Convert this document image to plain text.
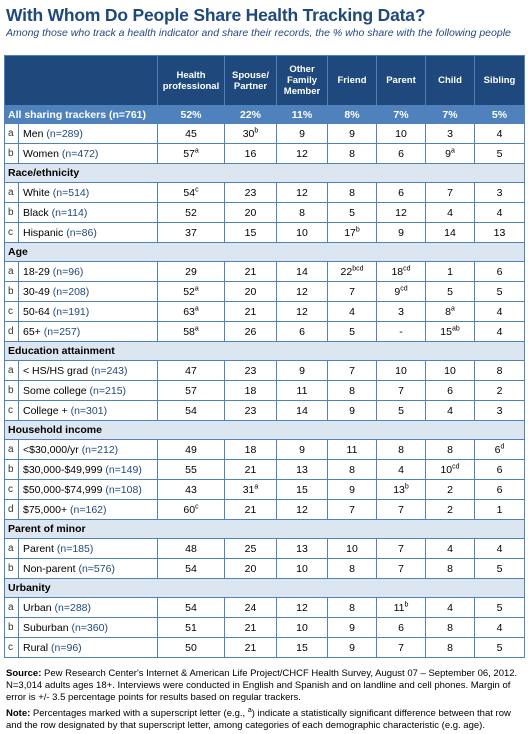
With Whom Do People Share Health Tracking Data?
Among those who track a health indicator and share their records, the % who share with the following people
		Health professional	Spouse/ Partner	Other Family Member	Friend	Parent	Child	Sibling
All sharing trackers (n=761)		52%	22%	11%	8%	7%	7%	5%
a	Men (n=289)	45	30$^b$	9	9	10	3	4
b	Women (n=472)	57$^a$	16	12	8	6	9$^a$	5
Race/ethnicity								
a	White (n=514)	54$^c$	23	12	8	6	7	3
b	Black (n=114)	52	20	8	5	12	4	4
c	Hispanic (n=86)	37	15	10	17$^b$	9	14	13
Age								
a	18-29 (n=96)	29	21	14	$22^{bcd}$	$18^{cd}$	1	6
b	30-49 (n=208)	52$^a$	20	12	7	$9^{cd}$	5	5
c	50-64 (n=191)	63$^a$	21	12	4	3	8$^a$	4
d	65+ (n=257)	58$^a$	26	6	5	-	$15^{ab}$	4
Education attainment								
a	< HS/HS grad (n=243)	47	23	9	7	10	10	8
b	Some college (n=215)	57	18	11	8	7	6	2
c	College + (n=301)	54	23	14	9	5	4	3
Household income								
a	<$30,000/yr (n=212)	49	18	9	11	8	8	6$^d$
b	$30,000-$49,999 (n=149)	55	21	13	8	4	$10^{cd}$	6
c	$50,000-$74,999 (n=108)	43	31$^a$	15	9	13$^b$	2	6
d	$75,000+ (n=162)	60$^c$	21	12	7	7	2	1
Parent of minor								
a	Parent (n=185)	48	25	13	10	7	4	4
b	Non-parent (n=576)	54	20	10	8	7	8	5
Urbanity								
a	Urban (n=288)	54	24	12	8	11$^b$	4	5
b	Suburban (n=360)	51	21	10	9	6	8	4
c	Rural (n=96)	50	21	15	9	7	8	5
Source: Pew Research Center's Internet & American Life Project/CHCF Health Survey, August 07 – September 06, 2012. N=3,014 adults ages 18+. Interviews were conducted in English and Spanish and on landline and cell phones. Margin of error is +/- 3.5 percentage points for results based on regular trackers.
Note: Percentages marked with a superscript letter (e.g., $^a$) indicate a statistically significant difference between that row and the row designated by that superscript letter, among categories of each demographic characteristic (e.g. age).
